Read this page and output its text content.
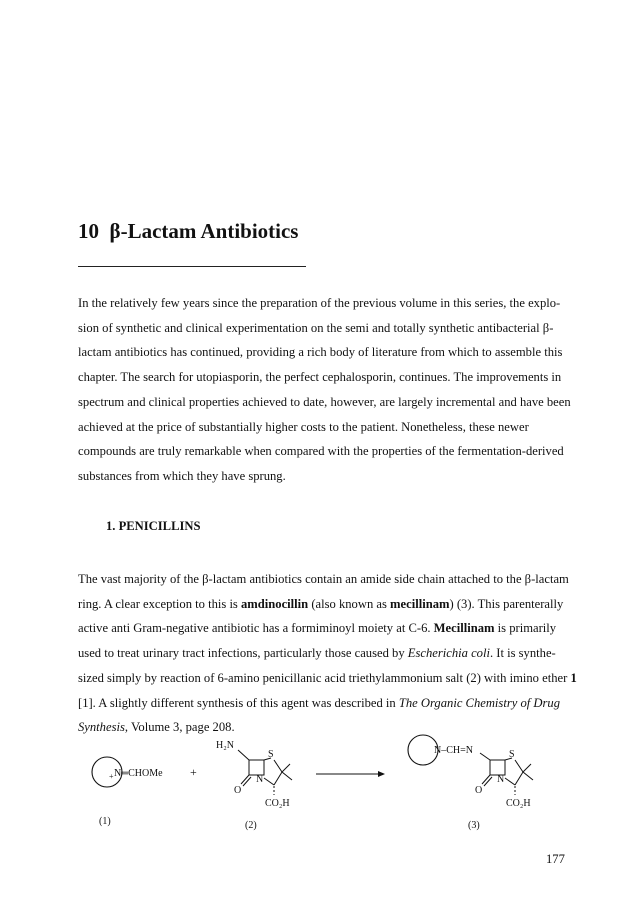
10 β-Lactam Antibiotics
In the relatively few years since the preparation of the previous volume in this series, the explo-
sion of synthetic and clinical experimentation on the semi and totally synthetic antibacterial β-
lactam antibiotics has continued, providing a rich body of literature from which to assemble this
chapter. The search for utopiasporin, the perfect cephalosporin, continues. The improvements in
spectrum and clinical properties achieved to date, however, are largely incremental and have been
achieved at the price of substantially higher costs to the patient. Nonetheless, these newer
compounds are truly remarkable when compared with the properties of the fermentation-derived
substances from which they have sprung.
1. PENICILLINS
The vast majority of the β-lactam antibiotics contain an amide side chain attached to the β-lactam
ring. A clear exception to this is amdinocillin (also known as mecillinam) (3). This parenterally
active anti Gram-negative antibiotic has a formiminoyl moiety at C-6. Mecillinam is primarily
used to treat urinary tract infections, particularly those caused by Escherichia coli. It is synthe-
sized simply by reaction of 6-amino penicillanic acid triethylammonium salt (2) with imino ether 1
[1]. A slightly different synthesis of this agent was described in The Organic Chemistry of Drug
Synthesis, Volume 3, page 208.
+ N ═CHOMe
(1)
+
H₂N
O
N
S
CO₂H
(2)
N–CH=N
O
N
S
CO₂H
(3)
177
